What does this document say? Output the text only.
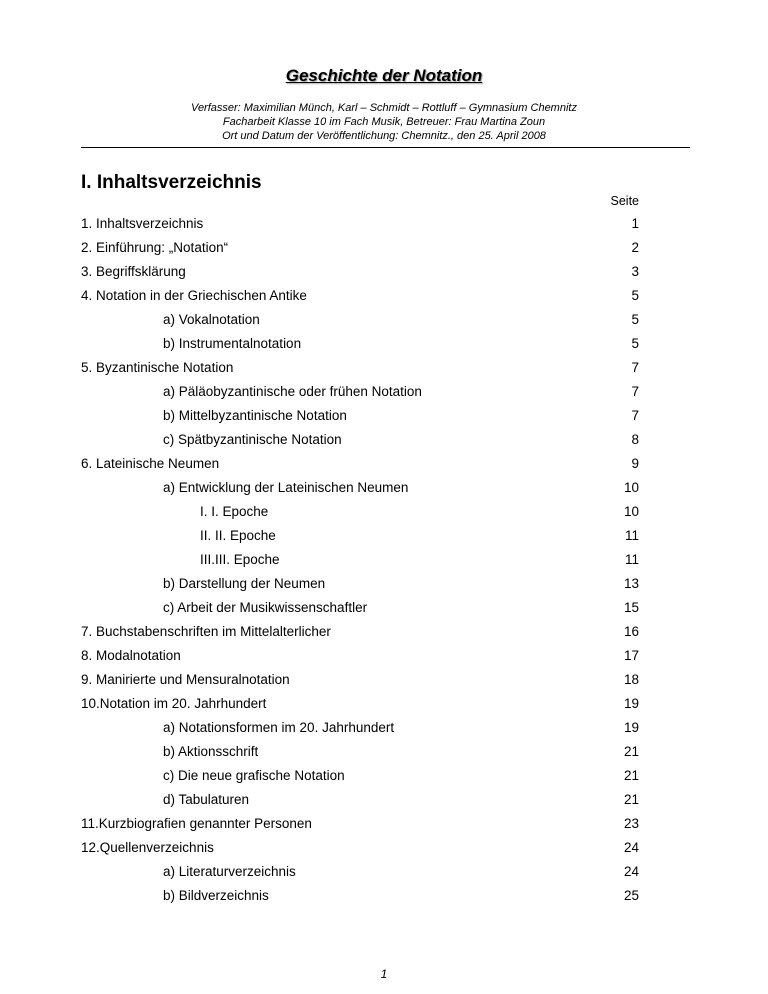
Geschichte der Notation
Verfasser: Maximilian Münch, Karl – Schmidt – Rottluff – Gymnasium Chemnitz
Facharbeit Klasse 10 im Fach Musik, Betreuer: Frau Martina Zoun
Ort und Datum der Veröffentlichung: Chemnitz., den 25. April 2008
I. Inhaltsverzeichnis
Seite
1. Inhaltsverzeichnis	1
2. Einführung: „Notation“	2
3. Begriffsklärung	3
4. Notation in der Griechischen Antike	5
a) Vokalnotation	5
b) Instrumentalnotation	5
5. Byzantinische Notation	7
a) Päläobyzantinische oder frühen Notation	7
b) Mittelbyzantinische Notation	7
c) Spätbyzantinische Notation	8
6. Lateinische Neumen	9
a) Entwicklung der Lateinischen Neumen	10
I. I. Epoche	10
II. II. Epoche	11
III.III. Epoche	11
b) Darstellung der Neumen	13
c) Arbeit der Musikwissenschaftler	15
7. Buchstabenschriften im Mittelalterlicher	16
8. Modalnotation	17
9. Manirierte und Mensuralnotation	18
10.Notation im 20. Jahrhundert	19
a) Notationsformen im 20. Jahrhundert	19
b) Aktionsschrift	21
c) Die neue grafische Notation	21
d) Tabulaturen	21
11.Kurzbiografien genannter Personen	23
12.Quellenverzeichnis	24
a) Literaturverzeichnis	24
b) Bildverzeichnis	25
1
